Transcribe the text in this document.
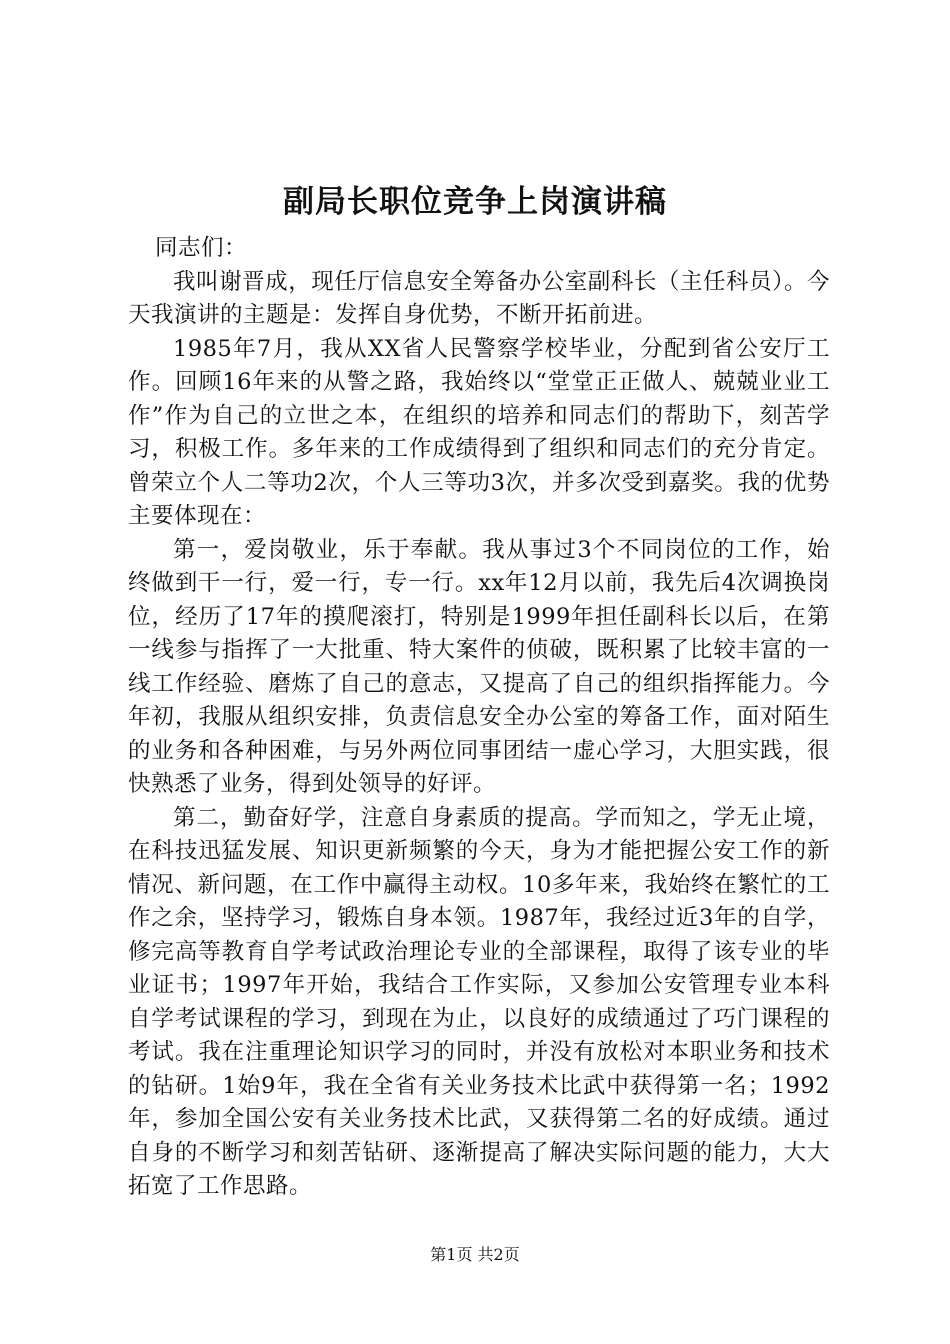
副局长职位竞争上岗演讲稿

同志们：

我叫谢晋成，现任厅信息安全筹备办公室副科长（主任科员）。今天我演讲的主题是：发挥自身优势，不断开拓前进。

1985年7月，我从XX省人民警察学校毕业，分配到省公安厅工作。回顾16年来的从警之路，我始终以“堂堂正正做人、兢兢业业工作”作为自己的立世之本，在组织的培养和同志们的帮助下，刻苦学习，积极工作。多年来的工作成绩得到了组织和同志们的充分肯定。曾荣立个人二等功2次，个人三等功3次，并多次受到嘉奖。我的优势主要体现在：

第一，爱岗敬业，乐于奉献。我从事过3个不同岗位的工作，始终做到干一行，爱一行，专一行。xx年12月以前，我先后4次调换岗位，经历了17年的摸爬滚打，特别是1999年担任副科长以后，在第一线参与指挥了一大批重、特大案件的侦破，既积累了比较丰富的一线工作经验、磨炼了自己的意志，又提高了自己的组织指挥能力。今年初，我服从组织安排，负责信息安全办公室的筹备工作，面对陌生的业务和各种困难，与另外两位同事团结一虚心学习，大胆实践，很快熟悉了业务，得到处领导的好评。

第二，勤奋好学，注意自身素质的提高。学而知之，学无止境，在科技迅猛发展、知识更新频繁的今天，身为才能把握公安工作的新情况、新问题，在工作中赢得主动权。10多年来，我始终在繁忙的工作之余，坚持学习，锻炼自身本领。1987年，我经过近3年的自学，修完高等教育自学考试政治理论专业的全部课程，取得了该专业的毕业证书；1997年开始，我结合工作实际，又参加公安管理专业本科自学考试课程的学习，到现在为止，以良好的成绩通过了巧门课程的考试。我在注重理论知识学习的同时，并没有放松对本职业务和技术的钻研。1始9年，我在全省有关业务技术比武中获得第一名；1992年，参加全国公安有关业务技术比武，又获得第二名的好成绩。通过自身的不断学习和刻苦钻研、逐渐提高了解决实际问题的能力，大大拓宽了工作思路。

第1页 共2页
